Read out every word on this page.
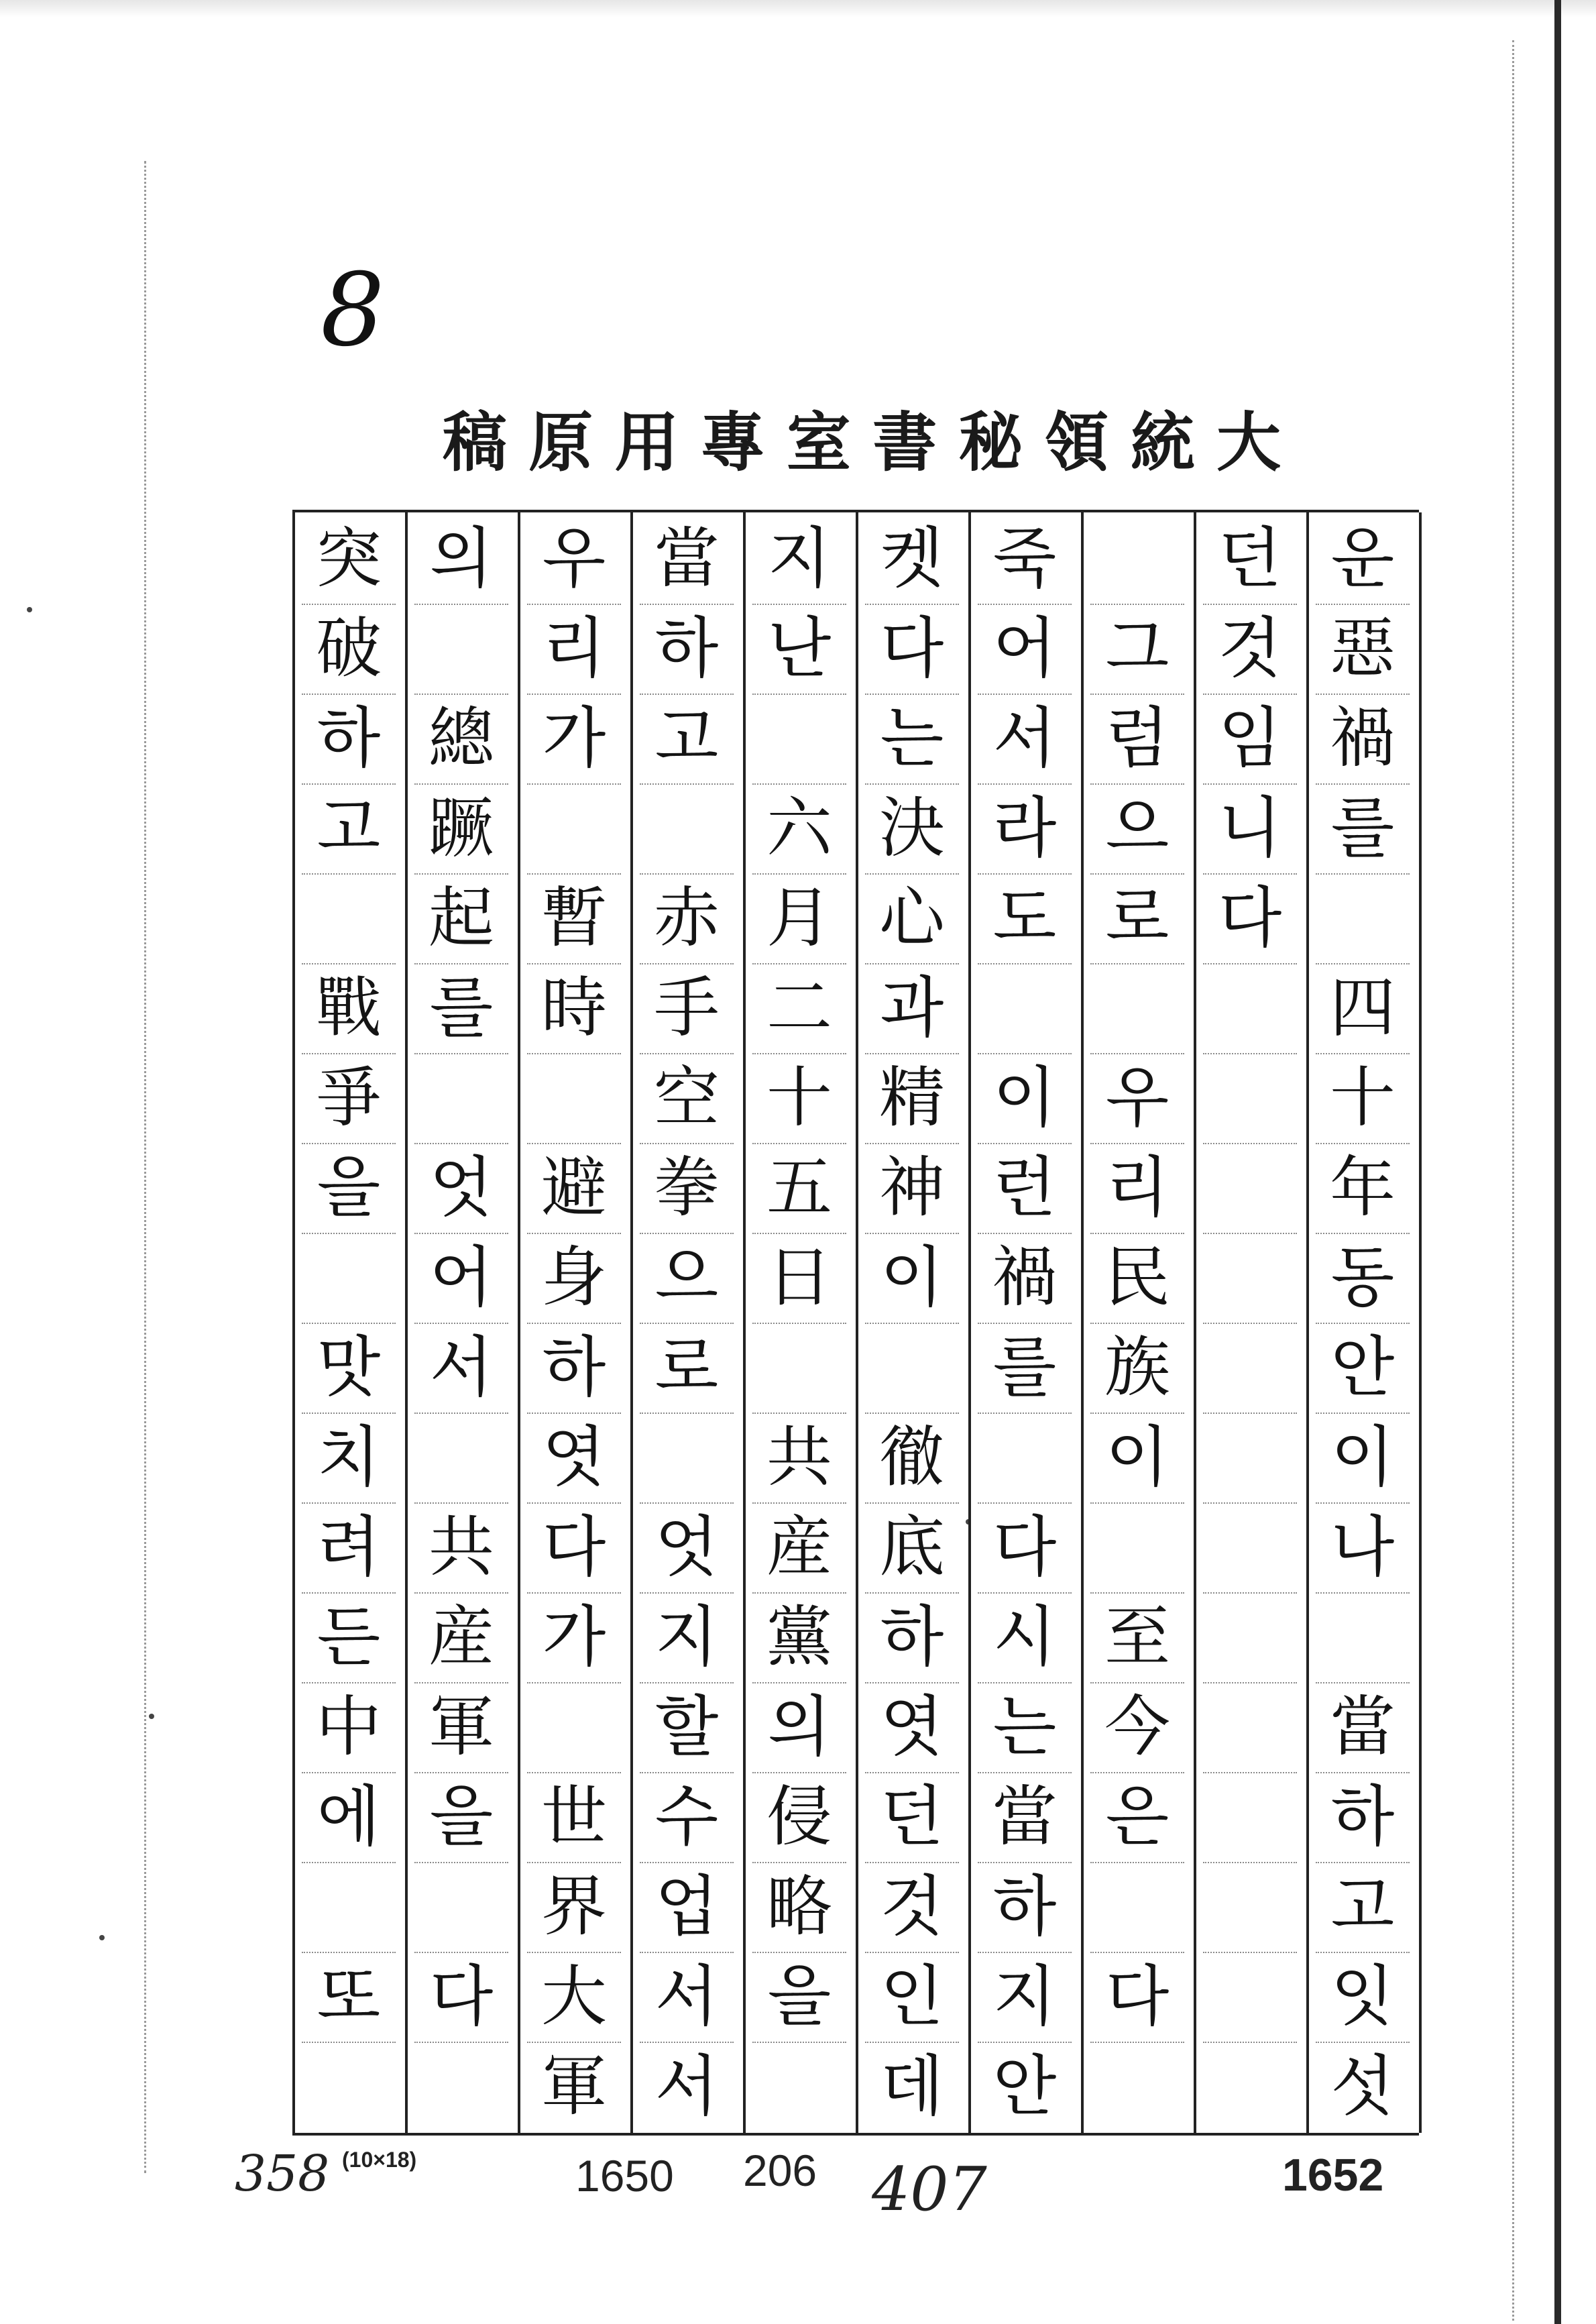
8
稿 原 用 專 室 書 秘 領 統 大
운
惡
禍
를
四
十
年
동
안
이
나
當
하
고
잇
섯
던
것
임
니
다
그
럼
으
로
우
리
民
族
이
至
今
은
다
죽
어
서
라
도
이
런
禍
를
다
시
는
當
하
지
안
켓
다
는
決
心
과
精
神
이
徹
底
하
엿
던
것
인
데
지
난
六
月
二
十
五
日
共
産
黨
의
侵
略
을
當
하
고
赤
手
空
拳
으
로
엇
지
할
수
업
서
서
우
리
가
暫
時
避
身
하
엿
다
가
世
界
大
軍
의
總
蹶
起
를
엇
어
서
共
産
軍
을
다
突
破
하
고
戰
爭
을
맛
치
려
든
中
에
또
358 (10×18)	1650 206 407	1652
